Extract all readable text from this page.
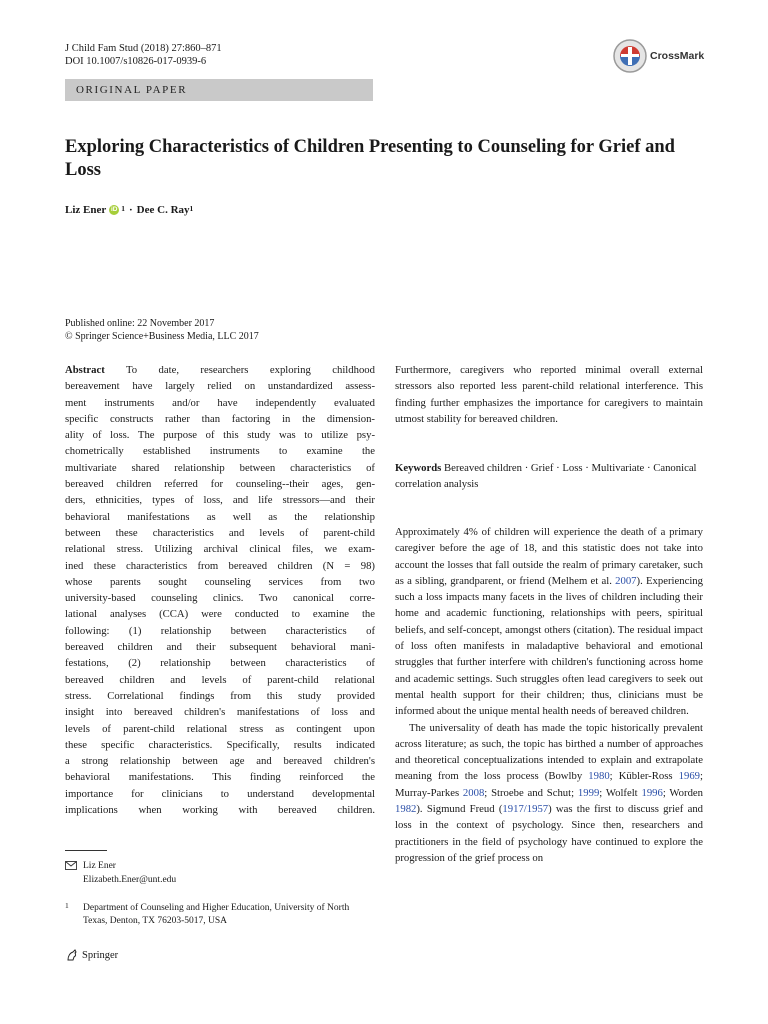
J Child Fam Stud (2018) 27:860–871
DOI 10.1007/s10826-017-0939-6	CrossMark
ORIGINAL PAPER
Exploring Characteristics of Children Presenting to Counseling for Grief and Loss
Liz Ener iD $^1$ · Dee C. Ray$^1$
Published online: 22 November 2017
© Springer Science+Business Media, LLC 2017
Abstract To date, researchers exploring childhood
bereavement have largely relied on unstandardized assess-
ment instruments and/or have independently evaluated
specific constructs rather than factoring in the dimension-
ality of loss. The purpose of this study was to utilize psy-
chometrically established instruments to examine the
multivariate shared relationship between characteristics of
bereaved children referred for counseling--their ages, gen-
ders, ethnicities, types of loss, and life stressors—and their
behavioral manifestations as well as the relationship
between these characteristics and levels of parent-child
relational stress. Utilizing archival clinical files, we exam-
ined these characteristics from bereaved children (N = 98)
whose parents sought counseling services from two
university-based counseling clinics. Two canonical corre-
lational analyses (CCA) were conducted to examine the
following: (1) relationship between characteristics of
bereaved children and their subsequent behavioral mani-
festations, (2) relationship between characteristics of
bereaved children and levels of parent-child relational
stress. Correlational findings from this study provided
insight into bereaved children's manifestations of loss and
levels of parent-child relational stress as contingent upon
these specific characteristics. Specifically, results indicated
a strong relationship between age and bereaved children's
behavioral manifestations. This finding reinforced the
importance for clinicians to understand developmental
implications when working with bereaved children.
Liz Ener
Elizabeth.Ener@unt.edu
1 Department of Counseling and Higher Education, University of North Texas, Denton, TX 76203-5017, USA
Springer

Furthermore, caregivers who reported minimal overall external stressors also reported less parent-child relational interference. This finding further emphasizes the importance for caregivers to maintain utmost stability for bereaved children.

Keywords Bereaved children · Grief · Loss · Multivariate · Canonical correlation analysis

Approximately 4% of children will experience the death of a primary caregiver before the age of 18, and this statistic does not take into account the losses that fall outside the realm of primary caretaker, such as a sibling, grandparent, or friend (Melhem et al. 2007). Experiencing such a loss impacts many facets in the lives of children including their home and academic functioning, relationships with peers, spiritual beliefs, and self-concept, amongst others (citation). The residual impact of loss often manifests in maladaptive behavioral and emotional struggles that further interfere with children's functioning across home and academic settings. Such struggles often lead caregivers to seek out mental health support for their children; thus, clinicians must be informed about the unique mental health needs of bereaved children.

The universality of death has made the topic historically prevalent across literature; as such, the topic has birthed a number of approaches and theoretical conceptualizations intended to explain and extrapolate meaning from the loss process (Bowlby 1980; Kübler-Ross 1969; Murray-Parkes 2008; Stroebe and Schut; 1999; Wolfelt 1996; Worden 1982). Sigmund Freud (1917/1957) was the first to discuss grief and loss in the context of psychology. Since then, researchers and practitioners in the field of psychology have continued to explore the progression of the grief process on
